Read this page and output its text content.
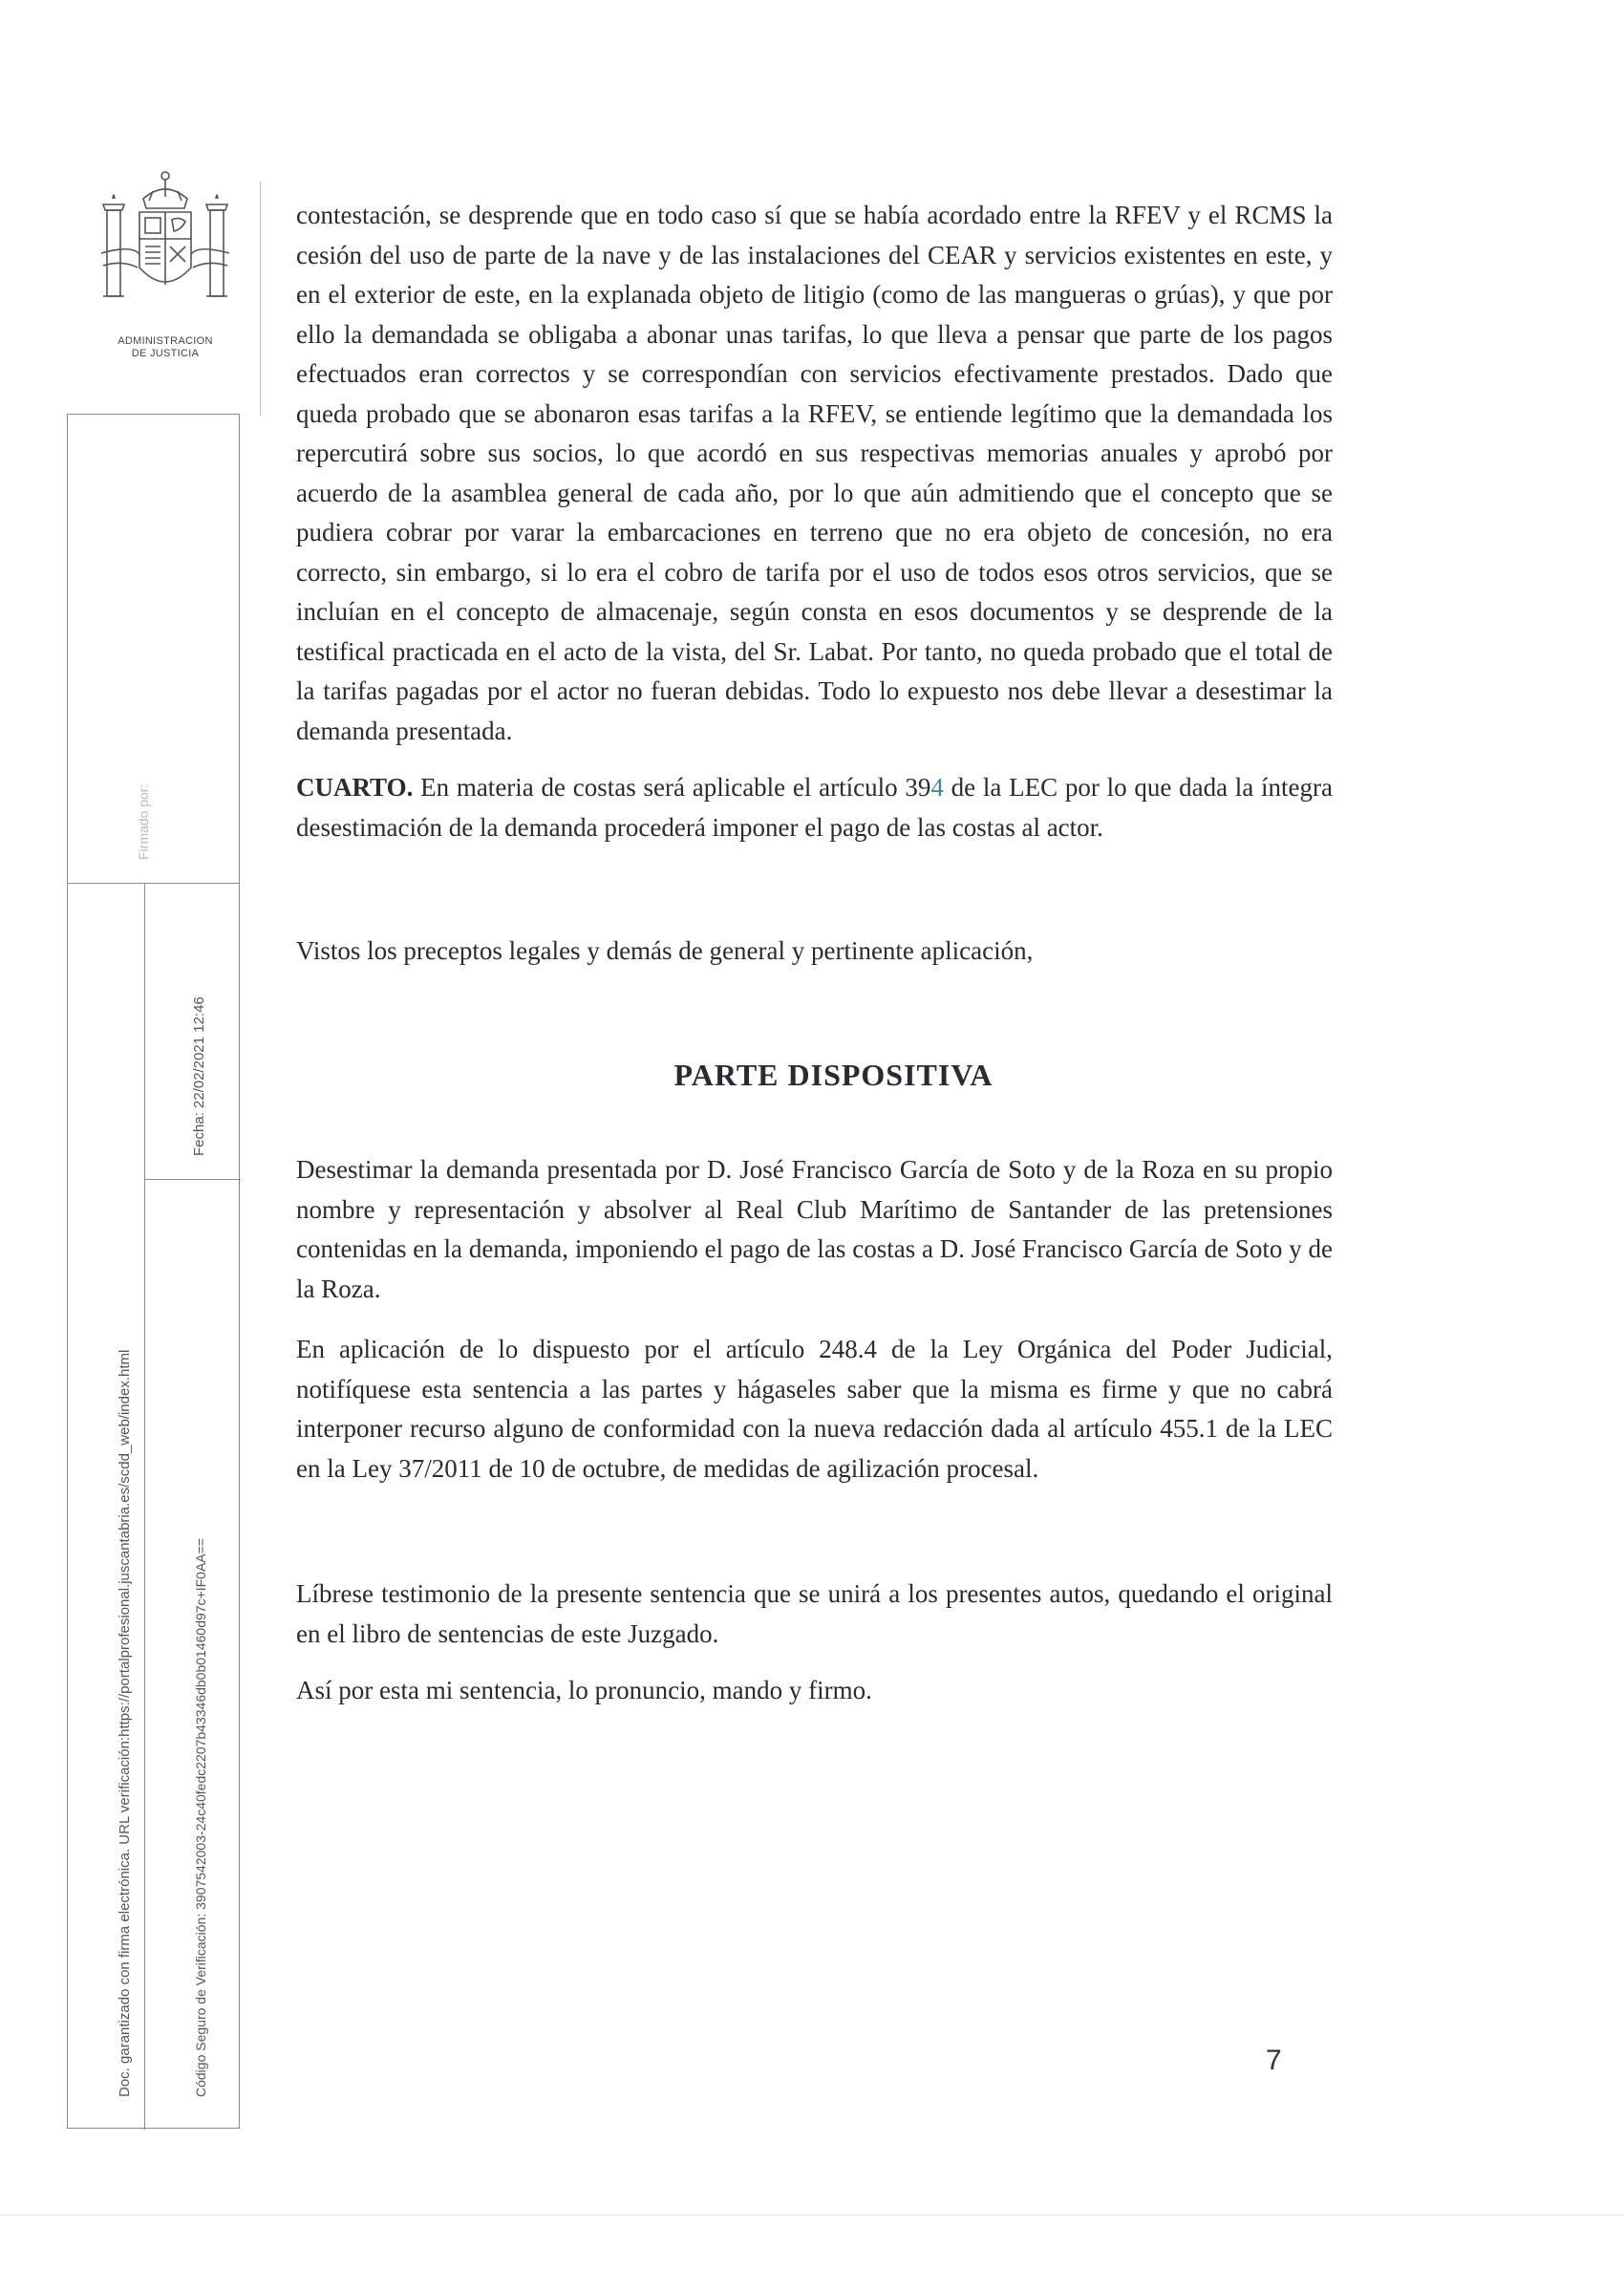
ADMINISTRACION
DE JUSTICIA
Firmado por:
Fecha: 22/02/2021 12:46
Doc. garantizado con firma electrónica. URL verificación:https://portalprofesional.juscantabria.es/scdd_web/index.html	Código Seguro de Verificación: 3907542003-24c40fedc2207b43346db0b01460d97c+IF0AA==

contestación, se desprende que en todo caso sí que se había acordado entre la RFEV y el RCMS la cesión del uso de parte de la nave y de las instalaciones del CEAR y servicios existentes en este, y en el exterior de este, en la explanada objeto de litigio (como de las mangueras o grúas), y que por ello la demandada se obligaba a abonar unas tarifas, lo que lleva a pensar que parte de los pagos efectuados eran correctos y se correspondían con servicios efectivamente prestados. Dado que queda probado que se abonaron esas tarifas a la RFEV, se entiende legítimo que la demandada los repercutirá sobre sus socios, lo que acordó en sus respectivas memorias anuales y aprobó por acuerdo de la asamblea general de cada año, por lo que aún admitiendo que el concepto que se pudiera cobrar por varar la embarcaciones en terreno que no era objeto de concesión, no era correcto, sin embargo, si lo era el cobro de tarifa por el uso de todos esos otros servicios, que se incluían en el concepto de almacenaje, según consta en esos documentos y se desprende de la testifical practicada en el acto de la vista, del Sr. Labat. Por tanto, no queda probado que el total de la tarifas pagadas por el actor no fueran debidas. Todo lo expuesto nos debe llevar a desestimar la demanda presentada.

CUARTO. En materia de costas será aplicable el artículo 394 de la LEC por lo que dada la íntegra desestimación de la demanda procederá imponer el pago de las costas al actor.

Vistos los preceptos legales y demás de general y pertinente aplicación,

PARTE DISPOSITIVA

Desestimar la demanda presentada por D. José Francisco García de Soto y de la Roza en su propio nombre y representación y absolver al Real Club Marítimo de Santander de las pretensiones contenidas en la demanda, imponiendo el pago de las costas a D. José Francisco García de Soto y de la Roza.

En aplicación de lo dispuesto por el artículo 248.4 de la Ley Orgánica del Poder Judicial, notifíquese esta sentencia a las partes y hágaseles saber que la misma es firme y que no cabrá interponer recurso alguno de conformidad con la nueva redacción dada al artículo 455.1 de la LEC en la Ley 37/2011 de 10 de octubre, de medidas de agilización procesal.

Líbrese testimonio de la presente sentencia que se unirá a los presentes autos, quedando el original en el libro de sentencias de este Juzgado.

Así por esta mi sentencia, lo pronuncio, mando y firmo.

7
